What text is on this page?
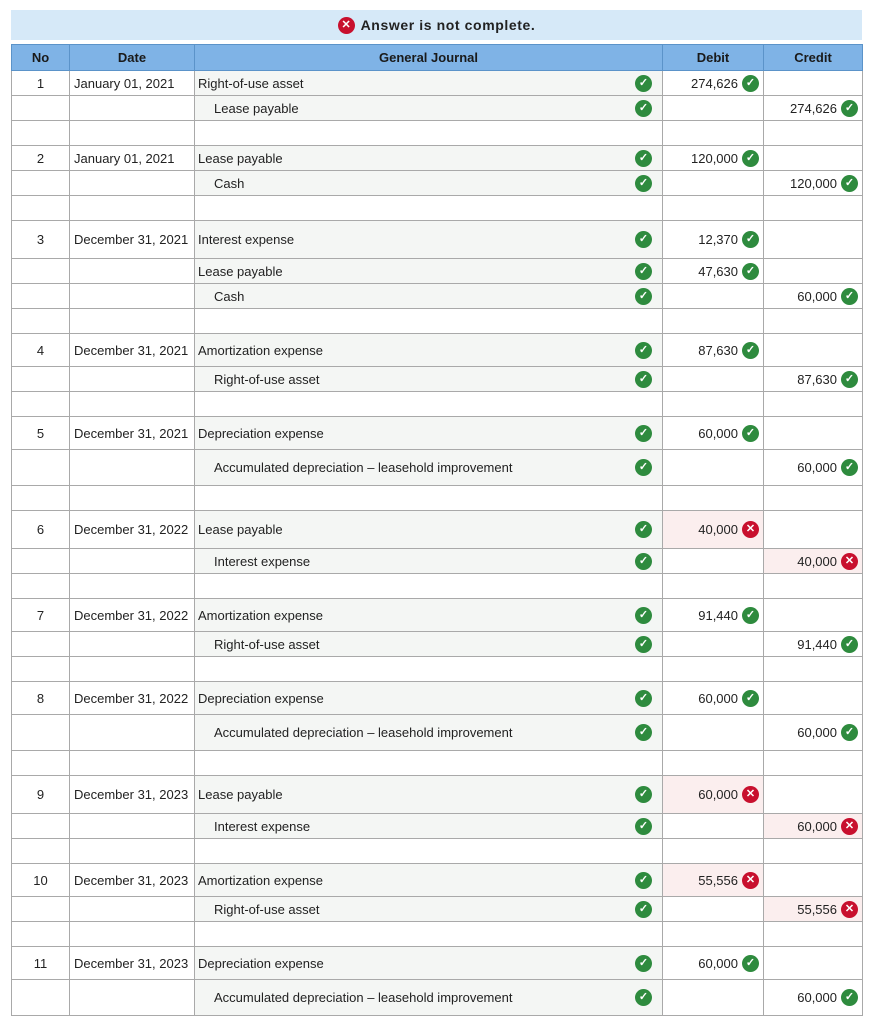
✕ Answer is not complete.
No	Date	General Journal	Debit	Credit
1	January 01, 2021	Right-of-use asset ✓	274,626 ✓	

		Lease payable ✓		274,626 ✓

2	January 01, 2021	Lease payable ✓	120,000 ✓	

		Cash ✓		120,000 ✓

3	December 31, 2021	Interest expense ✓	12,370 ✓	

		Lease payable ✓	47,630 ✓	

		Cash ✓		60,000 ✓

4	December 31, 2021	Amortization expense ✓	87,630 ✓	

		Right-of-use asset ✓		87,630 ✓

5	December 31, 2021	Depreciation expense ✓	60,000 ✓	

		Accumulated depreciation – leasehold improvement ✓		60,000 ✓

6	December 31, 2022	Lease payable ✓	40,000 ✕	

		Interest expense ✓		40,000 ✕

7	December 31, 2022	Amortization expense ✓	91,440 ✓	

		Right-of-use asset ✓		91,440 ✓

8	December 31, 2022	Depreciation expense ✓	60,000 ✓	

		Accumulated depreciation – leasehold improvement ✓		60,000 ✓

9	December 31, 2023	Lease payable ✓	60,000 ✕	

		Interest expense ✓		60,000 ✕

10	December 31, 2023	Amortization expense ✓	55,556 ✕	

		Right-of-use asset ✓		55,556 ✕

11	December 31, 2023	Depreciation expense ✓	60,000 ✓	

		Accumulated depreciation – leasehold improvement ✓		60,000 ✓
